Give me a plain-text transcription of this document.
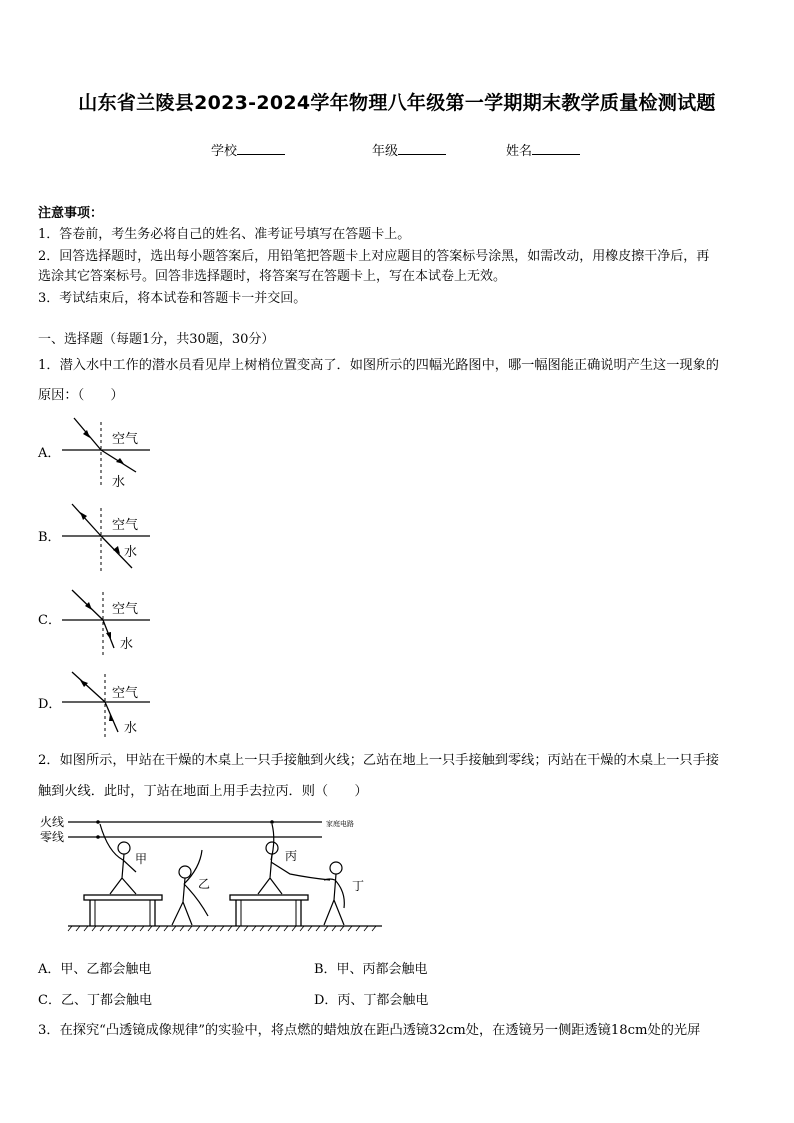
山东省兰陵县2023-2024学年物理八年级第一学期期末教学质量检测试题
学校	年级	姓名
注意事项：
1．答卷前，考生务必将自己的姓名、准考证号填写在答题卡上。
2．回答选择题时，选出每小题答案后，用铅笔把答题卡上对应题目的答案标号涂黑，如需改动，用橡皮擦干净后，再
选涂其它答案标号。回答非选择题时，将答案写在答题卡上，写在本试卷上无效。
3．考试结束后，将本试卷和答题卡一并交回。
一、选择题（每题1分，共30题，30分）
1．潜入水中工作的潜水员看见岸上树梢位置变高了．如图所示的四幅光路图中，哪一幅图能正确说明产生这一现象的
原因：（　　）
A．
空气
水
B．
空气
水
C．
空气
水
D．
空气
水
2．如图所示，甲站在干燥的木桌上一只手接触到火线；乙站在地上一只手接触到零线；丙站在干燥的木桌上一只手接
触到火线．此时，丁站在地面上用手去拉丙．则（　　）
火线
零线
家庭电路
甲
乙
丙
丁
A．甲、乙都会触电	B．甲、丙都会触电
C．乙、丁都会触电	D．丙、丁都会触电
3．在探究“凸透镜成像规律”的实验中，将点燃的蜡烛放在距凸透镜32cm处，在透镜另一侧距透镜18cm处的光屏
